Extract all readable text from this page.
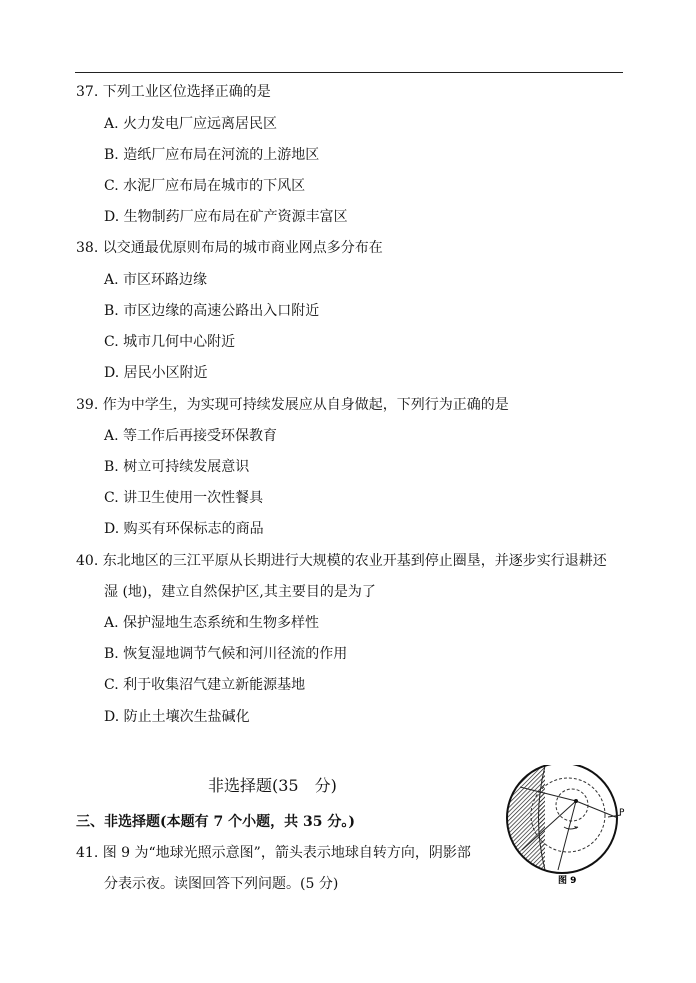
37. 下列工业区位选择正确的是
A. 火力发电厂应远离居民区
B. 造纸厂应布局在河流的上游地区
C. 水泥厂应布局在城市的下风区
D. 生物制药厂应布局在矿产资源丰富区
38. 以交通最优原则布局的城市商业网点多分布在
A. 市区环路边缘
B. 市区边缘的高速公路出入口附近
C. 城市几何中心附近
D. 居民小区附近
39. 作为中学生，为实现可持续发展应从自身做起，下列行为正确的是
A. 等工作后再接受环保教育
B. 树立可持续发展意识
C. 讲卫生使用一次性餐具
D. 购买有环保标志的商品
40. 东北地区的三江平原从长期进行大规模的农业开基到停止圈垦，并逐步实行退耕还
湿 (地)，建立自然保护区,其主要目的是为了
A. 保护湿地生态系统和生物多样性
B. 恢复湿地调节气候和河川径流的作用
C. 利于收集沼气建立新能源基地
D. 防止土壤次生盐碱化
非选择题(35　分)
三、非选择题(本题有 7 个小题，共 35 分。)
41. 图 9 为“地球光照示意图”，箭头表示地球自转方向，阴影部
分表示夜。读图回答下列问题。(5 分)
P
图 9
